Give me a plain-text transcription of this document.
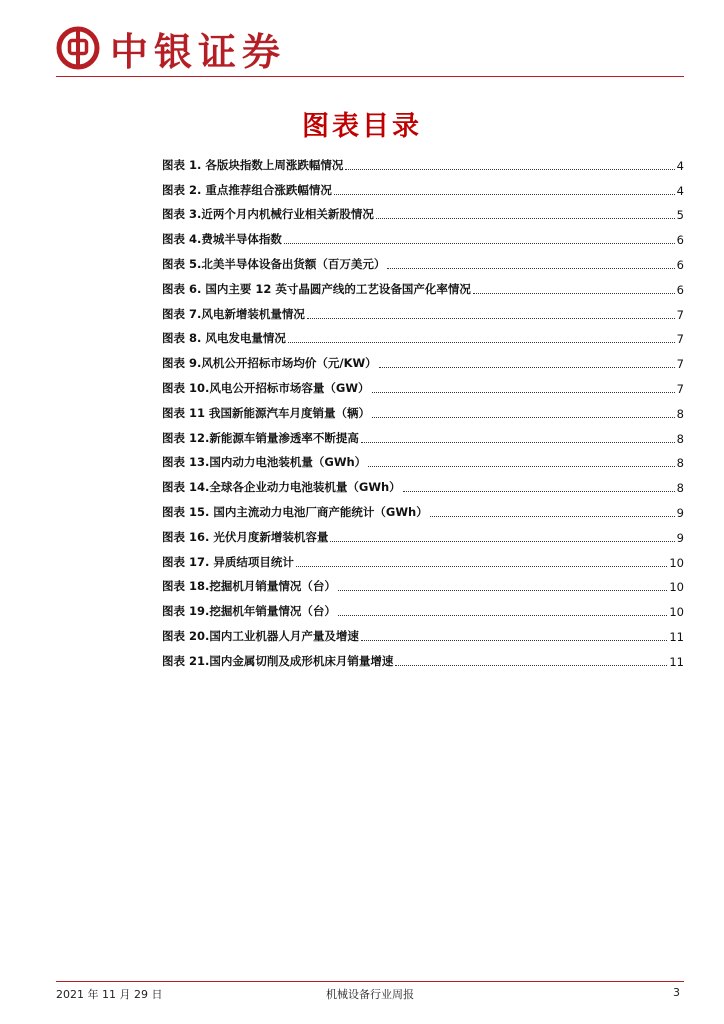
中银证券
图表目录
图表 1. 各版块指数上周涨跌幅情况	4
图表 2. 重点推荐组合涨跌幅情况	4
图表 3.近两个月内机械行业相关新股情况	5
图表 4.费城半导体指数	6
图表 5.北美半导体设备出货额（百万美元）	6
图表 6. 国内主要 12 英寸晶圆产线的工艺设备国产化率情况	6
图表 7.风电新增装机量情况	7
图表 8. 风电发电量情况	7
图表 9.风机公开招标市场均价（元/KW）	7
图表 10.风电公开招标市场容量（GW）	7
图表 11 我国新能源汽车月度销量（辆）	8
图表 12.新能源车销量渗透率不断提高	8
图表 13.国内动力电池装机量（GWh）	8
图表 14.全球各企业动力电池装机量（GWh）	8
图表 15. 国内主流动力电池厂商产能统计（GWh）	9
图表 16. 光伏月度新增装机容量	9
图表 17. 异质结项目统计	10
图表 18.挖掘机月销量情况（台）	10
图表 19.挖掘机年销量情况（台）	10
图表 20.国内工业机器人月产量及增速	11
图表 21.国内金属切削及成形机床月销量增速	11
2021 年 11 月 29 日	机械设备行业周报	3
